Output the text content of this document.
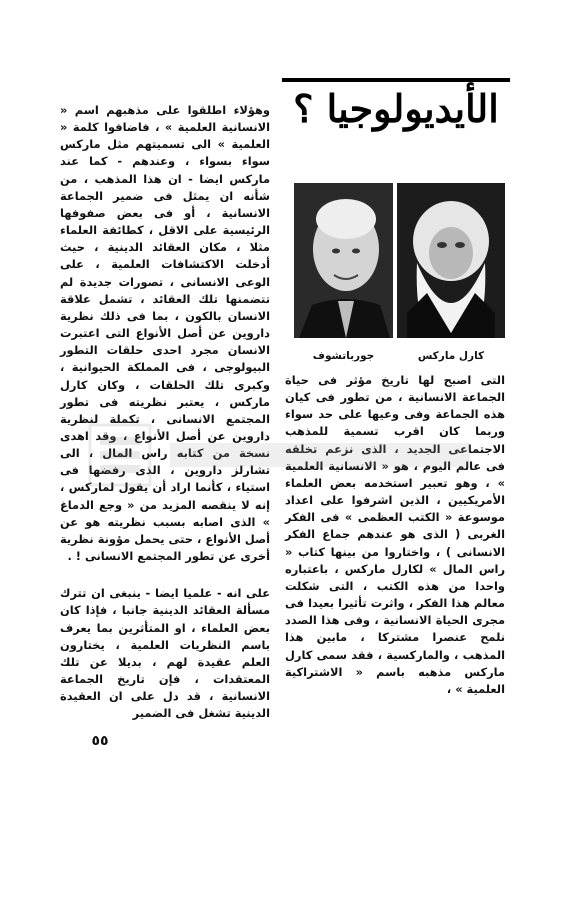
الأيديولوجيا ؟
كارل ماركس
جورباتشوف

التى اصبح لها تاريخ مؤثر فى حياة الجماعة الانسانية ، من تطور فى كيان هذه الجماعة وفى وعيها على حد سواء وربما كان اقرب تسمية للمذهب الاجتماعى الجديد ، الذى نزعم تخلقه فى عالم اليوم ، هو « الانسانية العلمية » ، وهو تعبير استخدمه بعض العلماء الأمريكيين ، الذين اشرفوا على اعداد موسوعة « الكتب العظمى » فى الفكر الغربى ( الذى هو عندهم جماع الفكر الانسانى ) ، واختاروا من بينها كتاب « راس المال » لكارل ماركس ، باعتباره واحدا من هذه الكتب ، التى شكلت معالم هذا الفكر ، واثرت تأثيرا بعيدا فى مجرى الحياة الانسانية ، وفى هذا الصدد نلمح عنصرا مشتركا ، مابين هذا المذهب ، والماركسية ، فقد سمى كارل ماركس مذهبه باسم « الاشتراكية العلمية » ،

وهؤلاء اطلقوا على مذهبهم اسم « الانسانية العلمية » ، فاضافوا كلمة « العلمية » الى تسميتهم مثل ماركس سواء بسواء ، وعندهم - كما عند ماركس ايضا - ان هذا المذهب ، من شأنه ان يمثل فى ضمير الجماعة الانسانية ، أو فى بعض صفوفها الرئيسية على الاقل ، كطائفة العلماء مثلا ، مكان العقائد الدينية ، حيث أدخلت الاكتشافات العلمية ، على الوعى الانسانى ، تصورات جديدة لم تتضمنها تلك العقائد ، تشمل علاقة الانسان بالكون ، بما فى ذلك نظرية داروين عن أصل الأنواع التى اعتبرت الانسان مجرد احدى حلقات التطور البيولوجى ، فى المملكة الحيوانية ، وكبرى تلك الحلقات ، وكان كارل ماركس ، يعتبر نظريته فى تطور المجتمع الانسانى ، تكملة لنظرية داروين عن أصل الأنواع ، وقد اهدى نسخة من كتابه راس المال ، الى تشارلز داروين ، الذى رفضها فى استياء ، كأنما اراد أن يقول لماركس ، إنه لا ينقصه المزيد من « وجع الدماغ » الذى اصابه بسبب نظريته هو عن أصل الأنواع ، حتى يحمل مؤونة نظرية أخرى عن تطور المجتمع الانسانى ! .

على انه - علميا ايضا - ينبغى ان تترك مسألة العقائد الدينية جانبا ، فإذا كان بعض العلماء ، او المتأثرين بما يعرف باسم النظريات العلمية ، يختارون العلم عقيدة لهم ، بديلا عن تلك المعتقدات ، فإن تاريخ الجماعة الانسانية ، قد دل على ان العقيدة الدينية تشغل فى الضمير

٥٥
